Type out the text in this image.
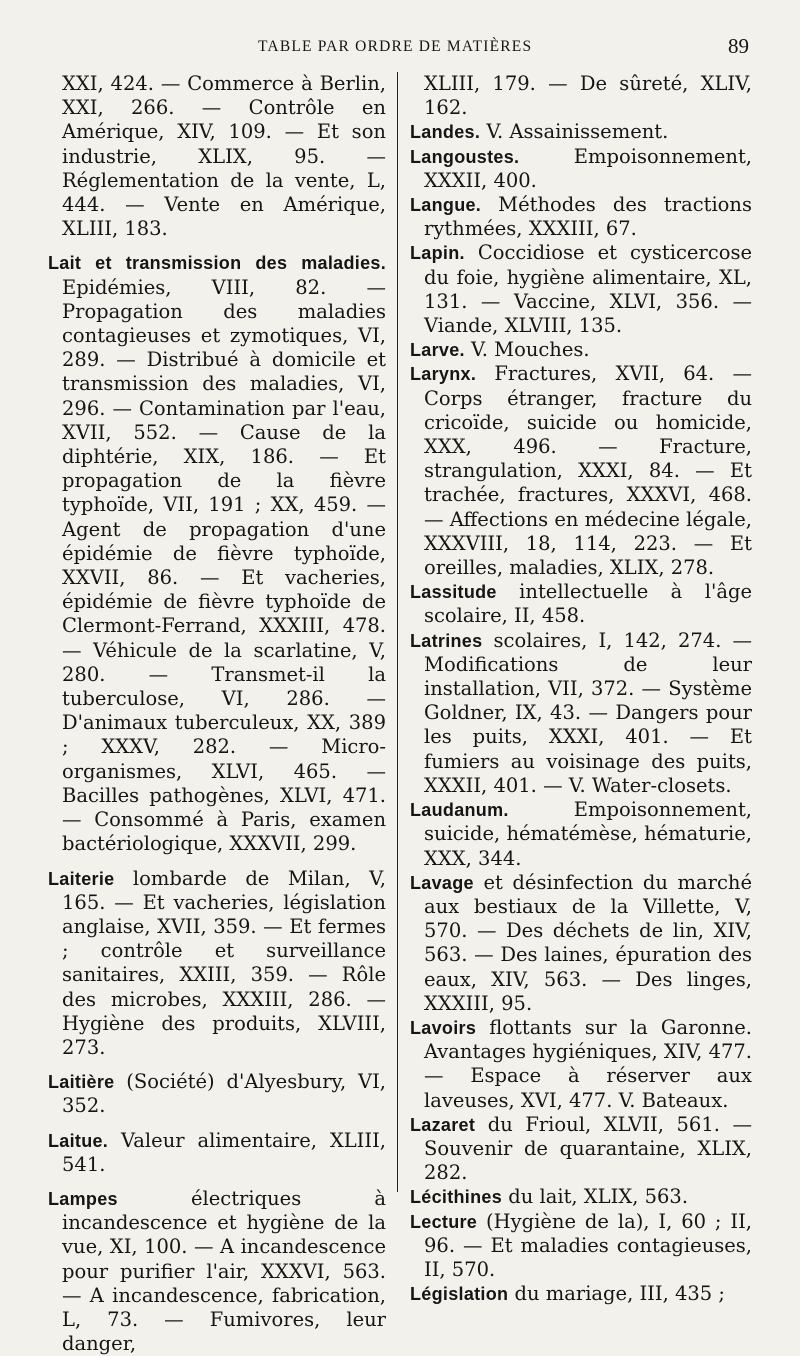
TABLE PAR ORDRE DE MATIÈRES	89

XXI, 424. — Commerce à Berlin, XXI, 266. — Contrôle en Amérique, XIV, 109. — Et son industrie, XLIX, 95. — Réglementation de la vente, L, 444. — Vente en Amérique, XLIII, 183.

Lait et transmission des maladies. Epidémies, VIII, 82. — Propagation des maladies contagieuses et zymotiques, VI, 289. — Distribué à domicile et transmission des maladies, VI, 296. — Contamination par l'eau, XVII, 552. — Cause de la diphtérie, XIX, 186. — Et propagation de la fièvre typhoïde, VII, 191 ; XX, 459. — Agent de propagation d'une épidémie de fièvre typhoïde, XXVII, 86. — Et vacheries, épidémie de fièvre typhoïde de Clermont-Ferrand, XXXIII, 478. — Véhicule de la scarlatine, V, 280. — Transmet-il la tuberculose, VI, 286. — D'animaux tuberculeux, XX, 389 ; XXXV, 282. — Micro-organismes, XLVI, 465. — Bacilles pathogènes, XLVI, 471. — Consommé à Paris, examen bactériologique, XXXVII, 299.

Laiterie lombarde de Milan, V, 165. — Et vacheries, législation anglaise, XVII, 359. — Et fermes ; contrôle et surveillance sanitaires, XXIII, 359. — Rôle des microbes, XXXIII, 286. — Hygiène des produits, XLVIII, 273.

Laitière (Société) d'Alyesbury, VI, 352.

Laitue. Valeur alimentaire, XLIII, 541.

Lampes électriques à incandescence et hygiène de la vue, XI, 100. — A incandescence pour purifier l'air, XXXVI, 563. — A incandescence, fabrication, L, 73. — Fumivores, leur danger,

XLIII, 179. — De sûreté, XLIV, 162.

Landes. V. Assainissement.

Langoustes. Empoisonnement, XXXII, 400.

Langue. Méthodes des tractions rythmées, XXXIII, 67.

Lapin. Coccidiose et cysticercose du foie, hygiène alimentaire, XL, 131. — Vaccine, XLVI, 356. — Viande, XLVIII, 135.

Larve. V. Mouches.

Larynx. Fractures, XVII, 64. — Corps étranger, fracture du cricoïde, suicide ou homicide, XXX, 496. — Fracture, strangulation, XXXI, 84. — Et trachée, fractures, XXXVI, 468. — Affections en médecine légale, XXXVIII, 18, 114, 223. — Et oreilles, maladies, XLIX, 278.

Lassitude intellectuelle à l'âge scolaire, II, 458.

Latrines scolaires, I, 142, 274. — Modifications de leur installation, VII, 372. — Système Goldner, IX, 43. — Dangers pour les puits, XXXI, 401. — Et fumiers au voisinage des puits, XXXII, 401. — V. Water-closets.

Laudanum. Empoisonnement, suicide, hématémèse, hématurie, XXX, 344.

Lavage et désinfection du marché aux bestiaux de la Villette, V, 570. — Des déchets de lin, XIV, 563. — Des laines, épuration des eaux, XIV, 563. — Des linges, XXXIII, 95.

Lavoirs flottants sur la Garonne. Avantages hygiéniques, XIV, 477. — Espace à réserver aux laveuses, XVI, 477. V. Bateaux.

Lazaret du Frioul, XLVII, 561. — Souvenir de quarantaine, XLIX, 282.

Lécithines du lait, XLIX, 563.

Lecture (Hygiène de la), I, 60 ; II, 96. — Et maladies contagieuses, II, 570.

Législation du mariage, III, 435 ;
